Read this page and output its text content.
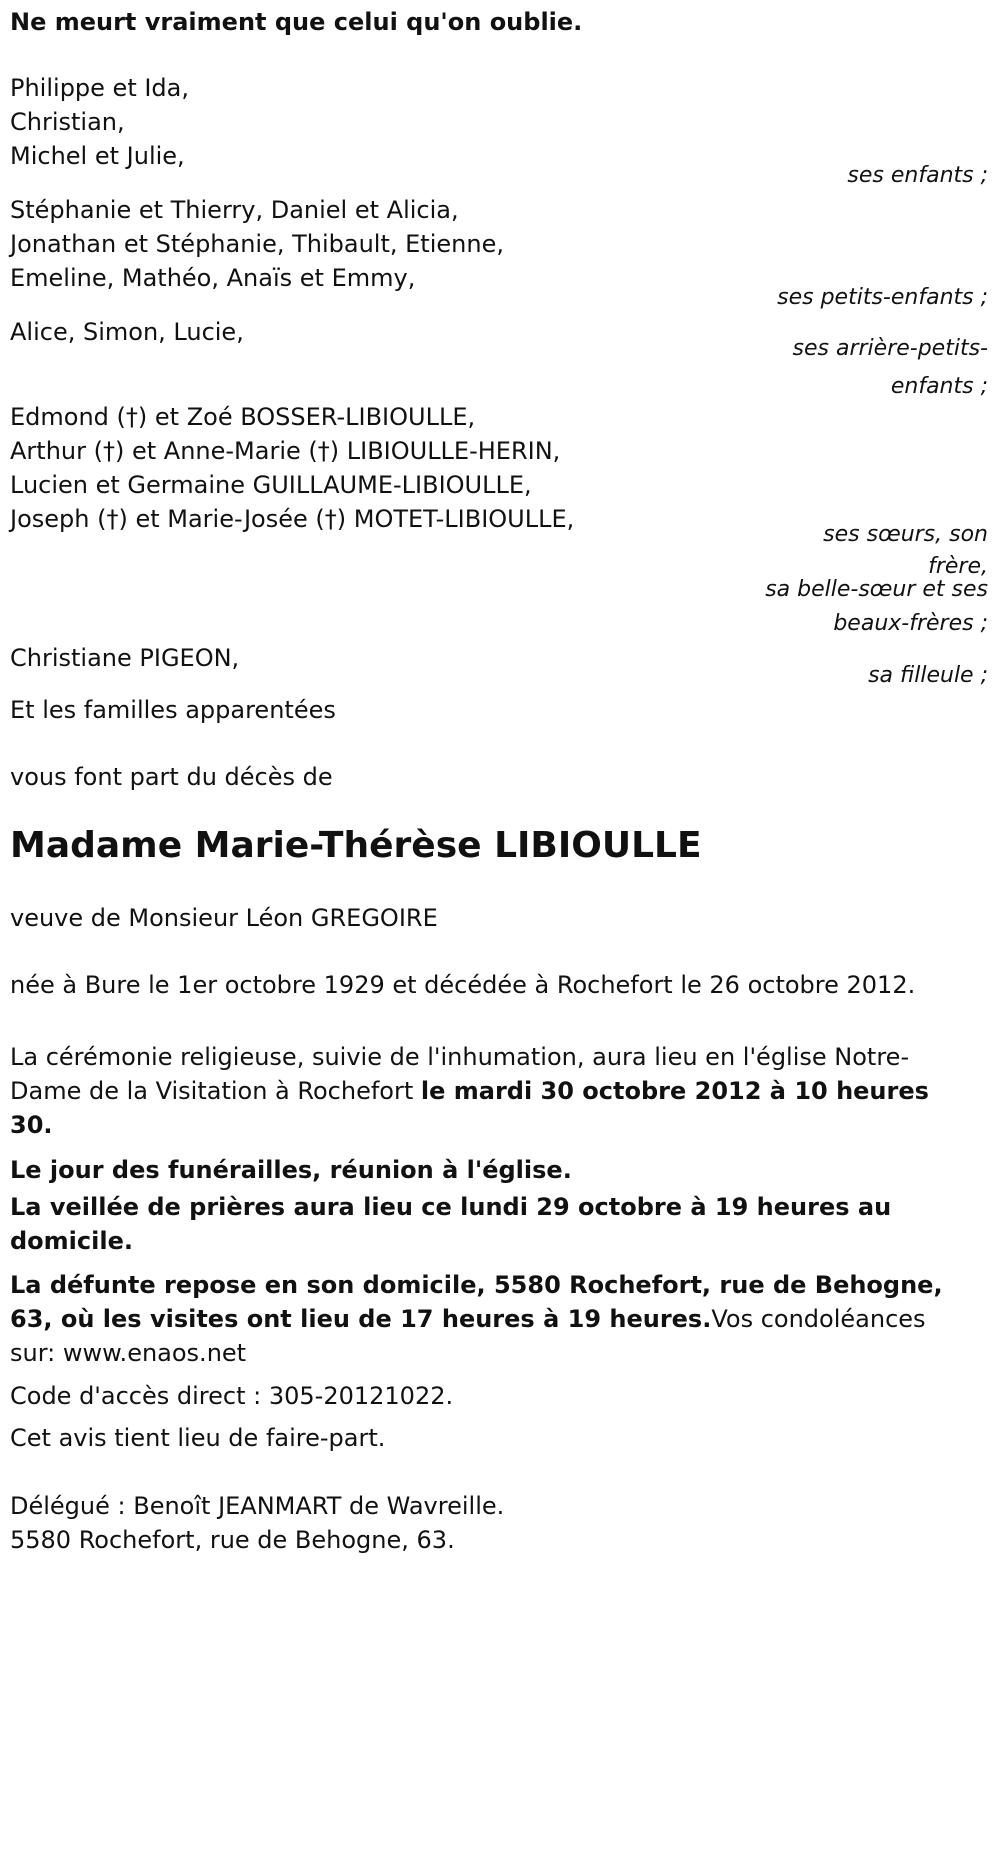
Ne meurt vraiment que celui qu'on oublie.
Philippe et Ida,
Christian,
Michel et Julie,
ses enfants ;
Stéphanie et Thierry, Daniel et Alicia,
Jonathan et Stéphanie, Thibault, Etienne,
Emeline, Mathéo, Anaïs et Emmy,
ses petits-enfants ;
Alice, Simon, Lucie,
ses arrière-petits-enfants ;
Edmond (†) et Zoé BOSSER-LIBIOULLE,
Arthur (†) et Anne-Marie (†) LIBIOULLE-HERIN,
Lucien et Germaine GUILLAUME-LIBIOULLE,
Joseph (†) et Marie-Josée (†) MOTET-LIBIOULLE,
ses sœurs, son frère,
sa belle-sœur et ses beaux-frères ;
Christiane PIGEON,
sa filleule ;
Et les familles apparentées
vous font part du décès de
Madame Marie-Thérèse LIBIOULLE
veuve de Monsieur Léon GREGOIRE
née à Bure le 1er octobre 1929 et décédée à Rochefort le 26 octobre 2012.
La cérémonie religieuse, suivie de l'inhumation, aura lieu en l'église Notre-Dame de la Visitation à Rochefort le mardi 30 octobre 2012 à 10 heures 30.
Le jour des funérailles, réunion à l'église.
La veillée de prières aura lieu ce lundi 29 octobre à 19 heures au domicile.
La défunte repose en son domicile, 5580 Rochefort, rue de Behogne, 63, où les visites ont lieu de 17 heures à 19 heures.Vos condoléances sur: www.enaos.net
Code d'accès direct : 305-20121022.
Cet avis tient lieu de faire-part.
Délégué : Benoît JEANMART de Wavreille.
5580 Rochefort, rue de Behogne, 63.
